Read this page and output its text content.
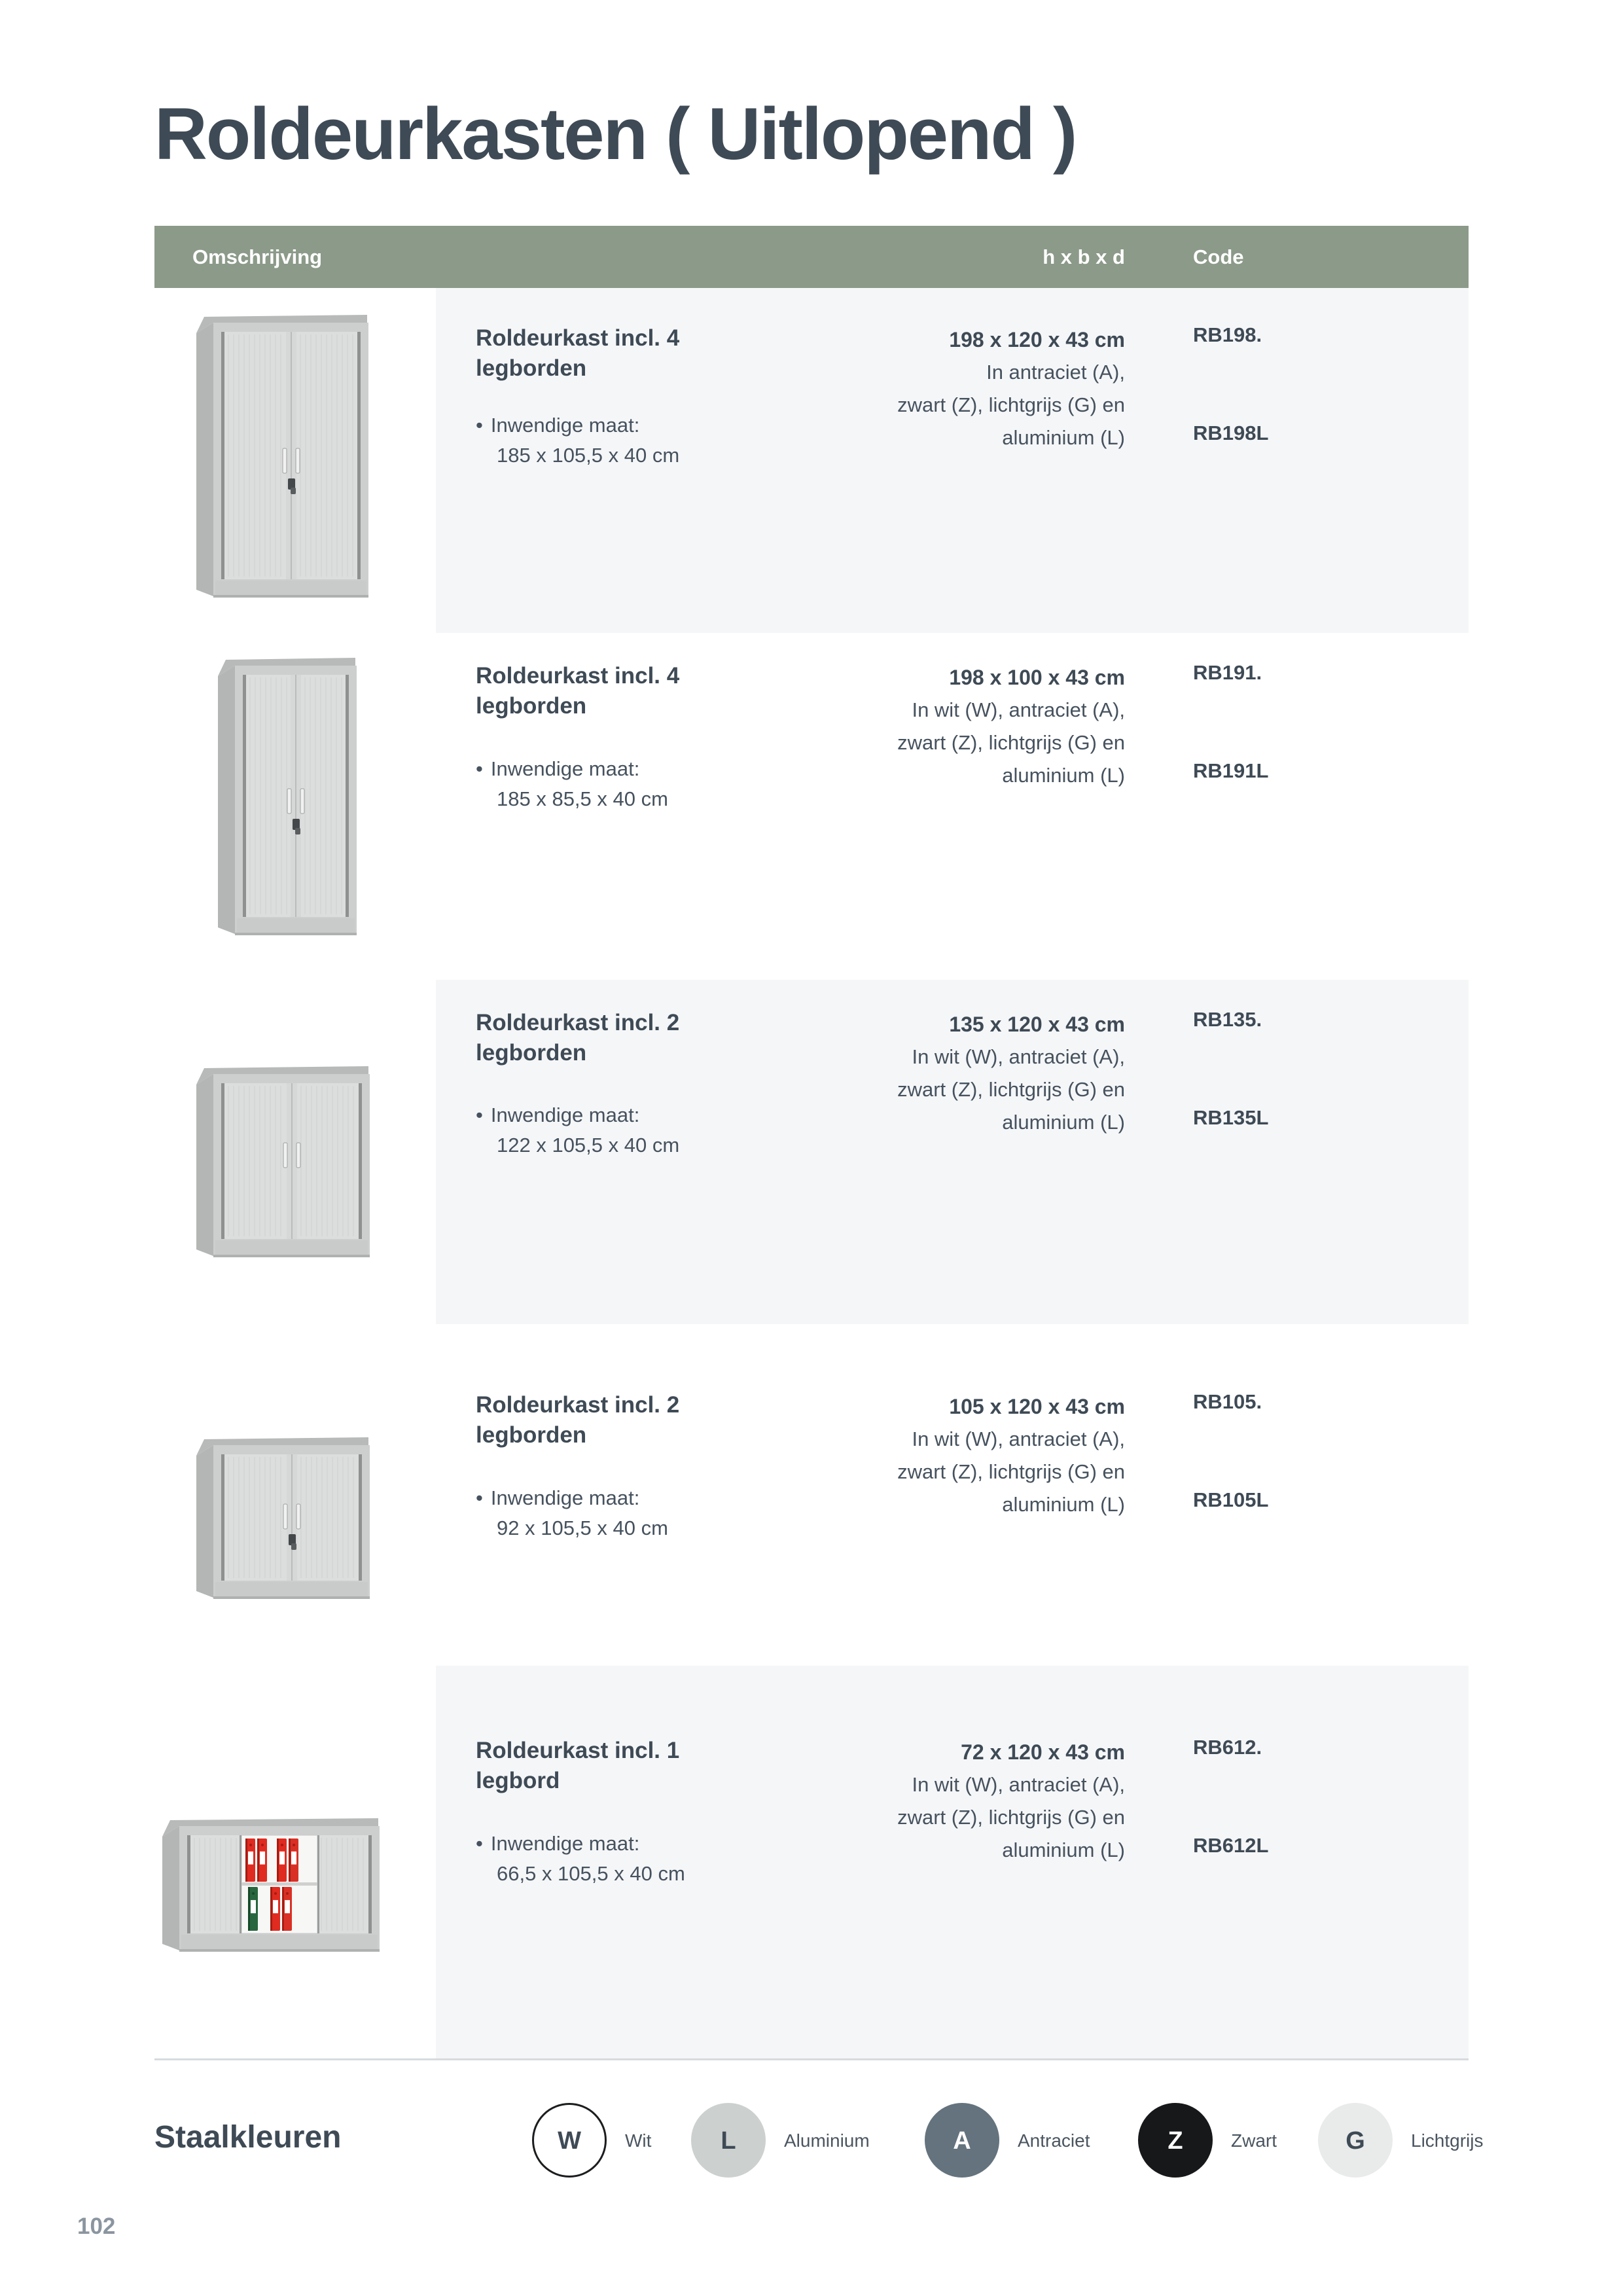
Roldeurkasten ( Uitlopend )
Omschrijving	h x b x d	Code
Roldeurkast incl. 4 legborden
• Inwendige maat:
185 x 105,5 x 40 cm
198 x 120 x 43 cm
In antraciet (A),
zwart (Z), lichtgrijs (G) en
aluminium (L)
RB198.
RB198L
Roldeurkast incl. 4 legborden
• Inwendige maat:
185 x 85,5 x 40 cm
198 x 100 x 43 cm
In wit (W), antraciet (A),
zwart (Z), lichtgrijs (G) en
aluminium (L)
RB191.
RB191L
Roldeurkast incl. 2 legborden
• Inwendige maat:
122 x 105,5 x 40 cm
135 x 120 x 43 cm
In wit (W), antraciet (A),
zwart (Z), lichtgrijs (G) en
aluminium (L)
RB135.
RB135L
Roldeurkast incl. 2 legborden
• Inwendige maat:
92 x 105,5 x 40 cm
105 x 120 x 43 cm
In wit (W), antraciet (A),
zwart (Z), lichtgrijs (G) en
aluminium (L)
RB105.
RB105L
Roldeurkast incl. 1 legbord
• Inwendige maat:
66,5 x 105,5 x 40 cm
72 x 120 x 43 cm
In wit (W), antraciet (A),
zwart (Z), lichtgrijs (G) en
aluminium (L)
RB612.
RB612L
Staalkleuren	W	Wit	L	Aluminium	A	Antraciet	Z	Zwart	G	Lichtgrijs
102
